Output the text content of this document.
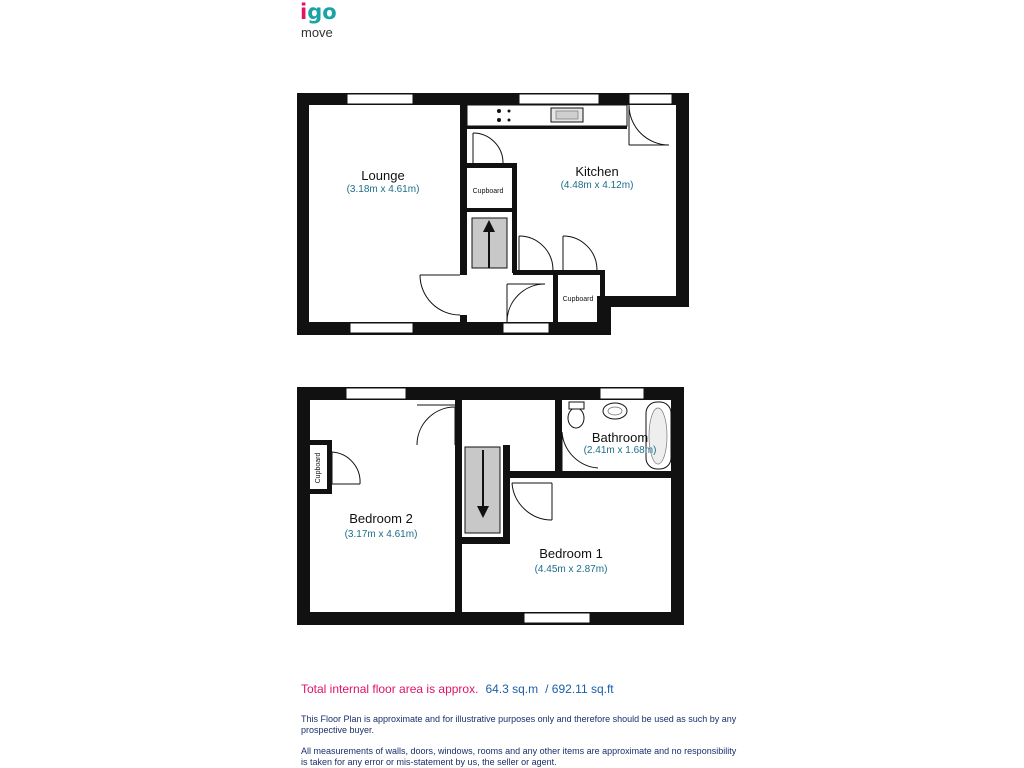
igo
move
Lounge
(3.18m x 4.61m)
Kitchen
(4.48m x 4.12m)
Cupboard
Cupboard
Cupboard
Bedroom 2
(3.17m x 4.61m)
Bedroom 1
(4.45m x 2.87m)
Bathroom
(2.41m x 1.68m)
Total internal floor area is approx. 64.3 sq.m / 692.11 sq.ft
This Floor Plan is approximate and for illustrative purposes only and therefore should be used as such by any prospective buyer.
All measurements of walls, doors, windows, rooms and any other items are approximate and no responsibility is taken for any error or mis-statement by us, the seller or agent.
